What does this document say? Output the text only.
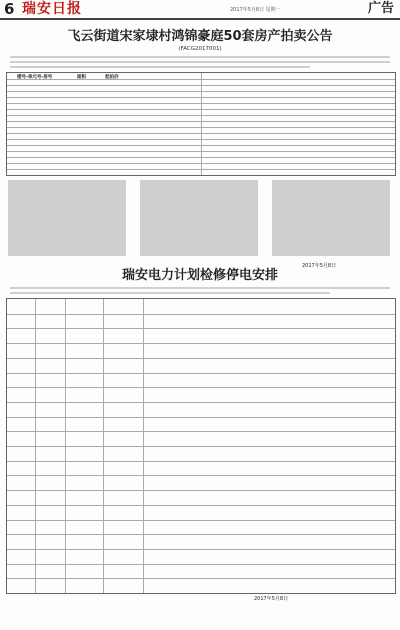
6 瑞安日报	2017年5月8日 星期一	广告
飞云街道宋家埭村鸿锦豪庭50套房产拍卖公告
(FACG2017001)
楼号-单元号-房号	面积	起拍价
2017年5月8日
瑞安电力计划检修停电安排
2017年5月8日
